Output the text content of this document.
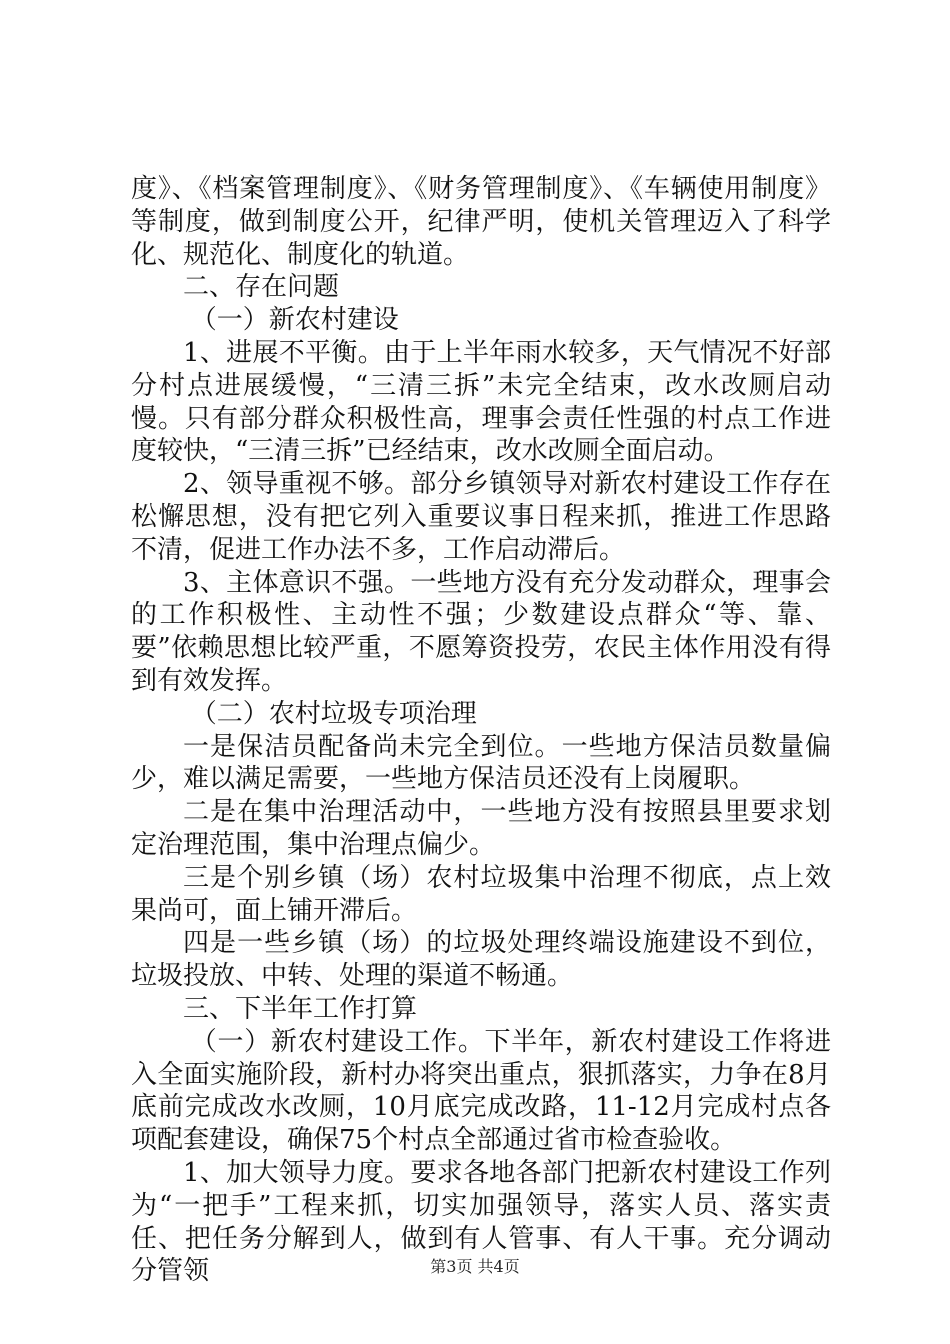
度》、《档案管理制度》、《财务管理制度》、《车辆使用制度》等制度，做到制度公开，纪律严明，使机关管理迈入了科学化、规范化、制度化的轨道。

二、存在问题

（一）新农村建设

1、进展不平衡。由于上半年雨水较多，天气情况不好部分村点进展缓慢，“三清三拆”未完全结束，改水改厕启动慢。只有部分群众积极性高，理事会责任性强的村点工作进度较快，“三清三拆”已经结束，改水改厕全面启动。

2、领导重视不够。部分乡镇领导对新农村建设工作存在松懈思想，没有把它列入重要议事日程来抓，推进工作思路不清，促进工作办法不多，工作启动滞后。

3、主体意识不强。一些地方没有充分发动群众，理事会的工作积极性、主动性不强；少数建设点群众“等、靠、要”依赖思想比较严重，不愿筹资投劳，农民主体作用没有得到有效发挥。

（二）农村垃圾专项治理

一是保洁员配备尚未完全到位。一些地方保洁员数量偏少，难以满足需要，一些地方保洁员还没有上岗履职。

二是在集中治理活动中，一些地方没有按照县里要求划定治理范围，集中治理点偏少。

三是个别乡镇（场）农村垃圾集中治理不彻底，点上效果尚可，面上铺开滞后。

四是一些乡镇（场）的垃圾处理终端设施建设不到位，垃圾投放、中转、处理的渠道不畅通。

三、下半年工作打算

（一）新农村建设工作。下半年，新农村建设工作将进入全面实施阶段，新村办将突出重点，狠抓落实，力争在8月底前完成改水改厕，10月底完成改路，11-12月完成村点各项配套建设，确保75个村点全部通过省市检查验收。

1、加大领导力度。要求各地各部门把新农村建设工作列为“一把手”工程来抓，切实加强领导，落实人员、落实责任、把任务分解到人，做到有人管事、有人干事。充分调动分管领	第3页 共4页
